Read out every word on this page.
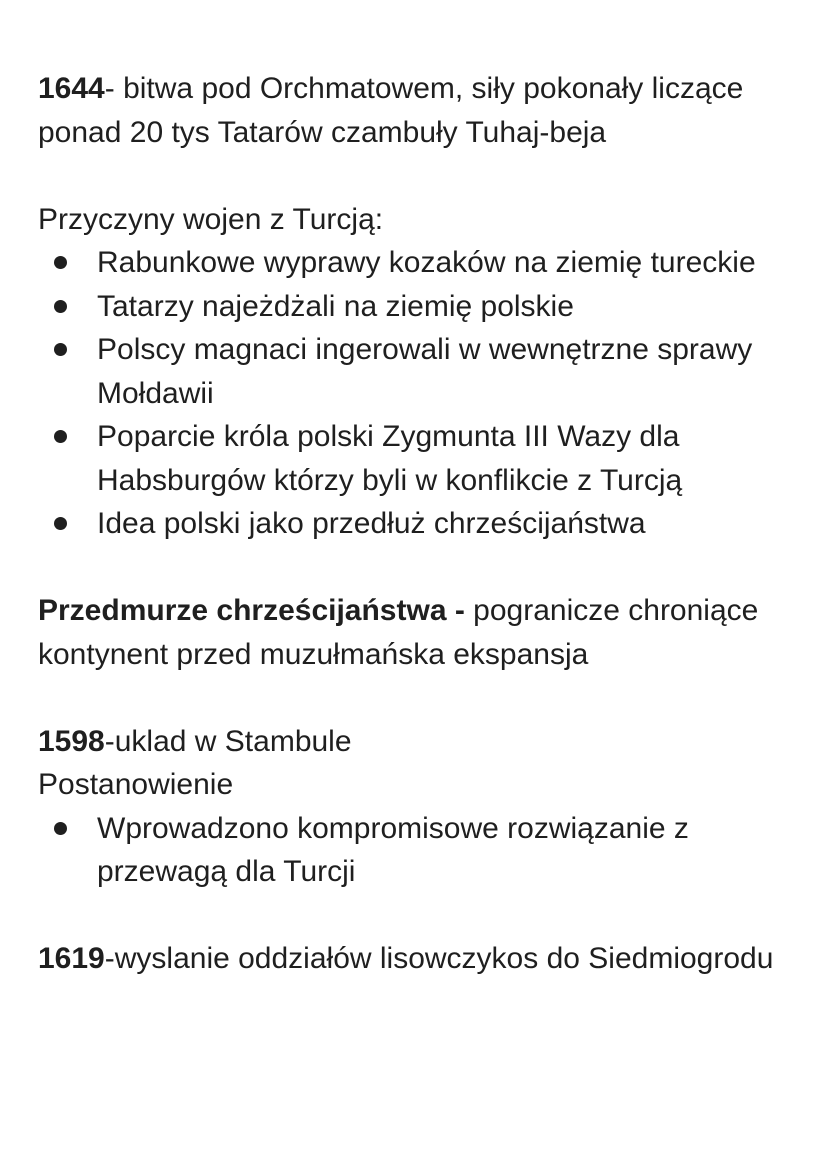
1644- bitwa pod Orchmatowem, siły pokonały liczące ponad 20 tys Tatarów czambuły Tuhaj-beja

Przyczyny wojen z Turcją:

Rabunkowe wyprawy kozaków na ziemię tureckie
Tatarzy najeżdżali na ziemię polskie
Polscy magnaci ingerowali w wewnętrzne sprawy Mołdawii
Poparcie króla polski Zygmunta III Wazy dla Habsburgów którzy byli w konflikcie z Turcją
Idea polski jako przedłuż chrześcijaństwa

Przedmurze chrześcijaństwa - pogranicze chroniące kontynent przed muzułmańska ekspansja

1598-uklad w Stambule

Postanowienie

Wprowadzono kompromisowe rozwiązanie z przewagą dla Turcji

1619-wyslanie oddziałów lisowczykos do Siedmiogrodu
